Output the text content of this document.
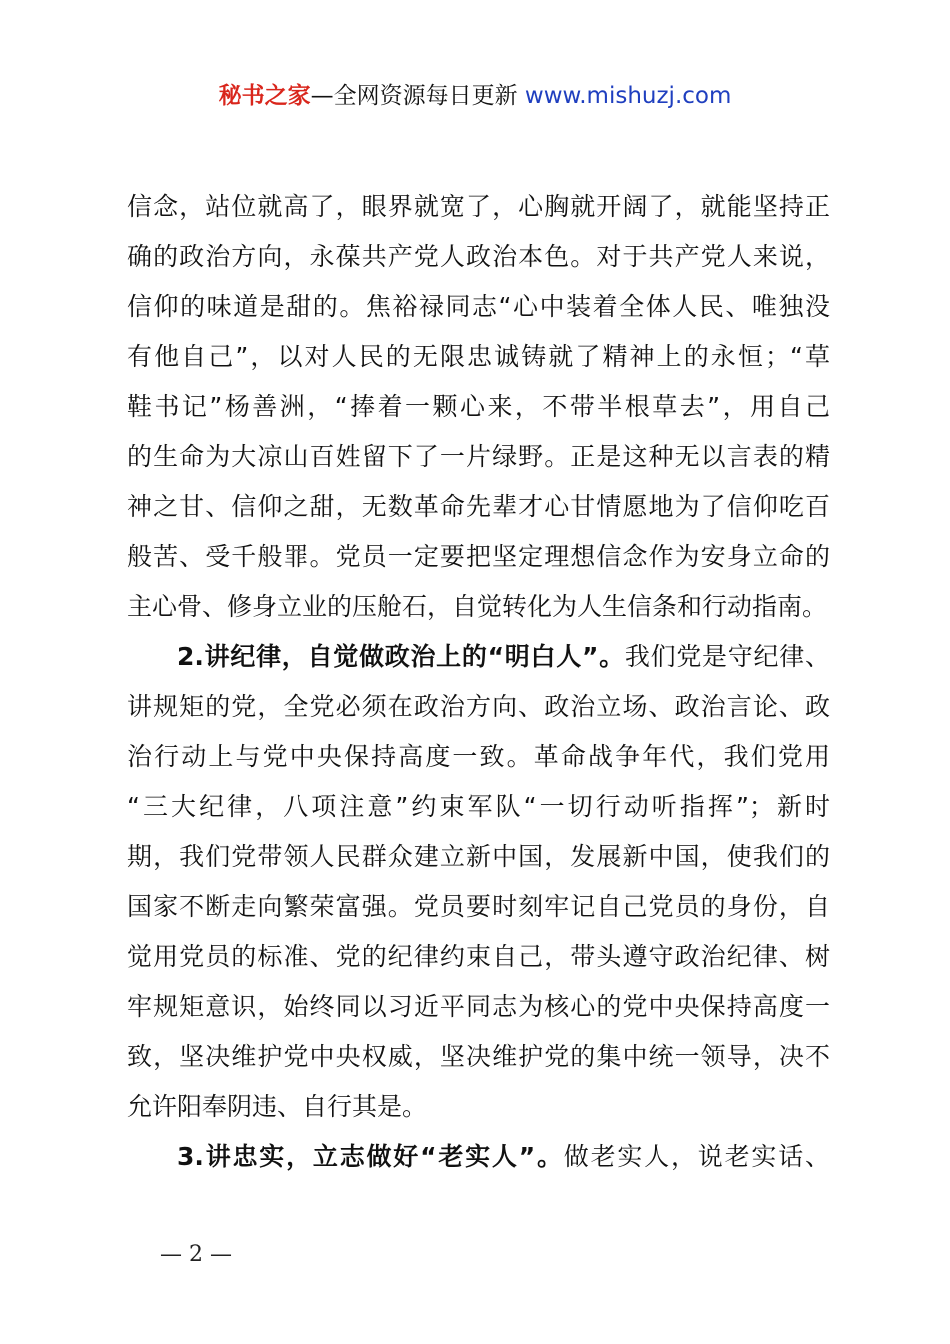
秘书之家—全网资源每日更新 www.mishuzj.com
信念，站位就高了，眼界就宽了，心胸就开阔了，就能坚持正
确的政治方向，永葆共产党人政治本色。对于共产党人来说，
信仰的味道是甜的。焦裕禄同志“心中装着全体人民、唯独没
有他自己”，以对人民的无限忠诚铸就了精神上的永恒；“草
鞋书记”杨善洲，“捧着一颗心来，不带半根草去”，用自己
的生命为大凉山百姓留下了一片绿野。正是这种无以言表的精
神之甘、信仰之甜，无数革命先辈才心甘情愿地为了信仰吃百
般苦、受千般罪。党员一定要把坚定理想信念作为安身立命的
主心骨、修身立业的压舱石，自觉转化为人生信条和行动指南。
2.讲纪律，自觉做政治上的“明白人”。我们党是守纪律、
讲规矩的党，全党必须在政治方向、政治立场、政治言论、政
治行动上与党中央保持高度一致。革命战争年代，我们党用
“三大纪律，八项注意”约束军队“一切行动听指挥”；新时
期，我们党带领人民群众建立新中国，发展新中国，使我们的
国家不断走向繁荣富强。党员要时刻牢记自己党员的身份，自
觉用党员的标准、党的纪律约束自己，带头遵守政治纪律、树
牢规矩意识，始终同以习近平同志为核心的党中央保持高度一
致，坚决维护党中央权威，坚决维护党的集中统一领导，决不
允许阳奉阴违、自行其是。
3.讲忠实，立志做好“老实人”。做老实人，说老实话、
— 2 —
